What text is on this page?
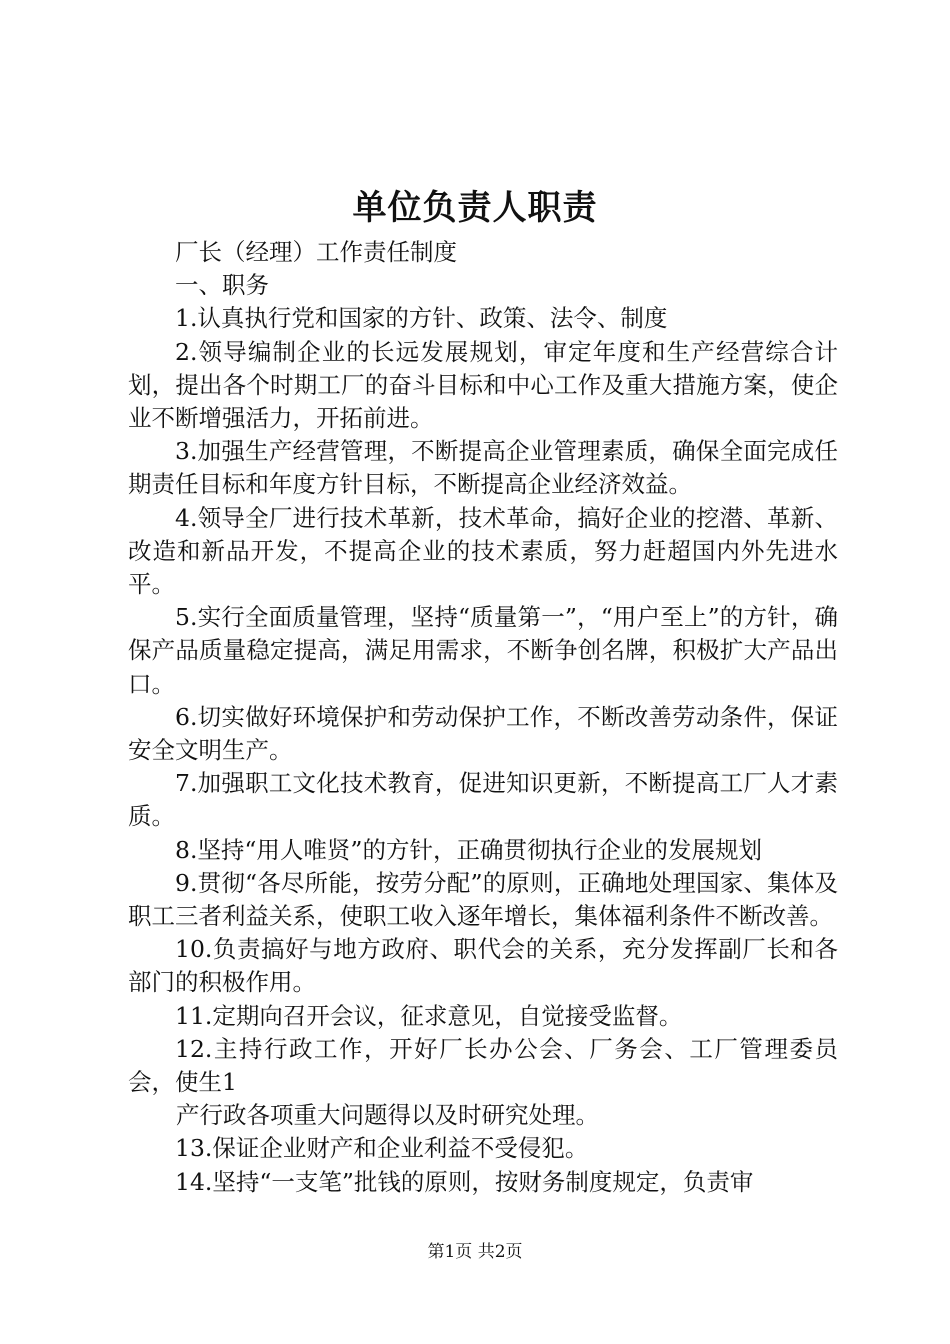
单位负责人职责

厂长（经理）工作责任制度

一、职务

1.认真执行党和国家的方针、政策、法令、制度

2.领导编制企业的长远发展规划，审定年度和生产经营综合计划，提出各个时期工厂的奋斗目标和中心工作及重大措施方案，使企业不断增强活力，开拓前进。

3.加强生产经营管理，不断提高企业管理素质，确保全面完成任期责任目标和年度方针目标，不断提高企业经济效益。

4.领导全厂进行技术革新，技术革命，搞好企业的挖潜、革新、改造和新品开发，不提高企业的技术素质，努力赶超国内外先进水平。

5.实行全面质量管理，坚持“质量第一”，“用户至上”的方针，确保产品质量稳定提高，满足用需求，不断争创名牌，积极扩大产品出口。

6.切实做好环境保护和劳动保护工作，不断改善劳动条件，保证安全文明生产。

7.加强职工文化技术教育，促进知识更新，不断提高工厂人才素质。

8.坚持“用人唯贤”的方针，正确贯彻执行企业的发展规划

9.贯彻“各尽所能，按劳分配”的原则，正确地处理国家、集体及职工三者利益关系，使职工收入逐年增长，集体福利条件不断改善。

10.负责搞好与地方政府、职代会的关系，充分发挥副厂长和各部门的积极作用。

11.定期向召开会议，征求意见，自觉接受监督。

12.主持行政工作，开好厂长办公会、厂务会、工厂管理委员会，使生1

产行政各项重大问题得以及时研究处理。

13.保证企业财产和企业利益不受侵犯。

14.坚持“一支笔”批钱的原则，按财务制度规定，负责审

第1页 共2页
